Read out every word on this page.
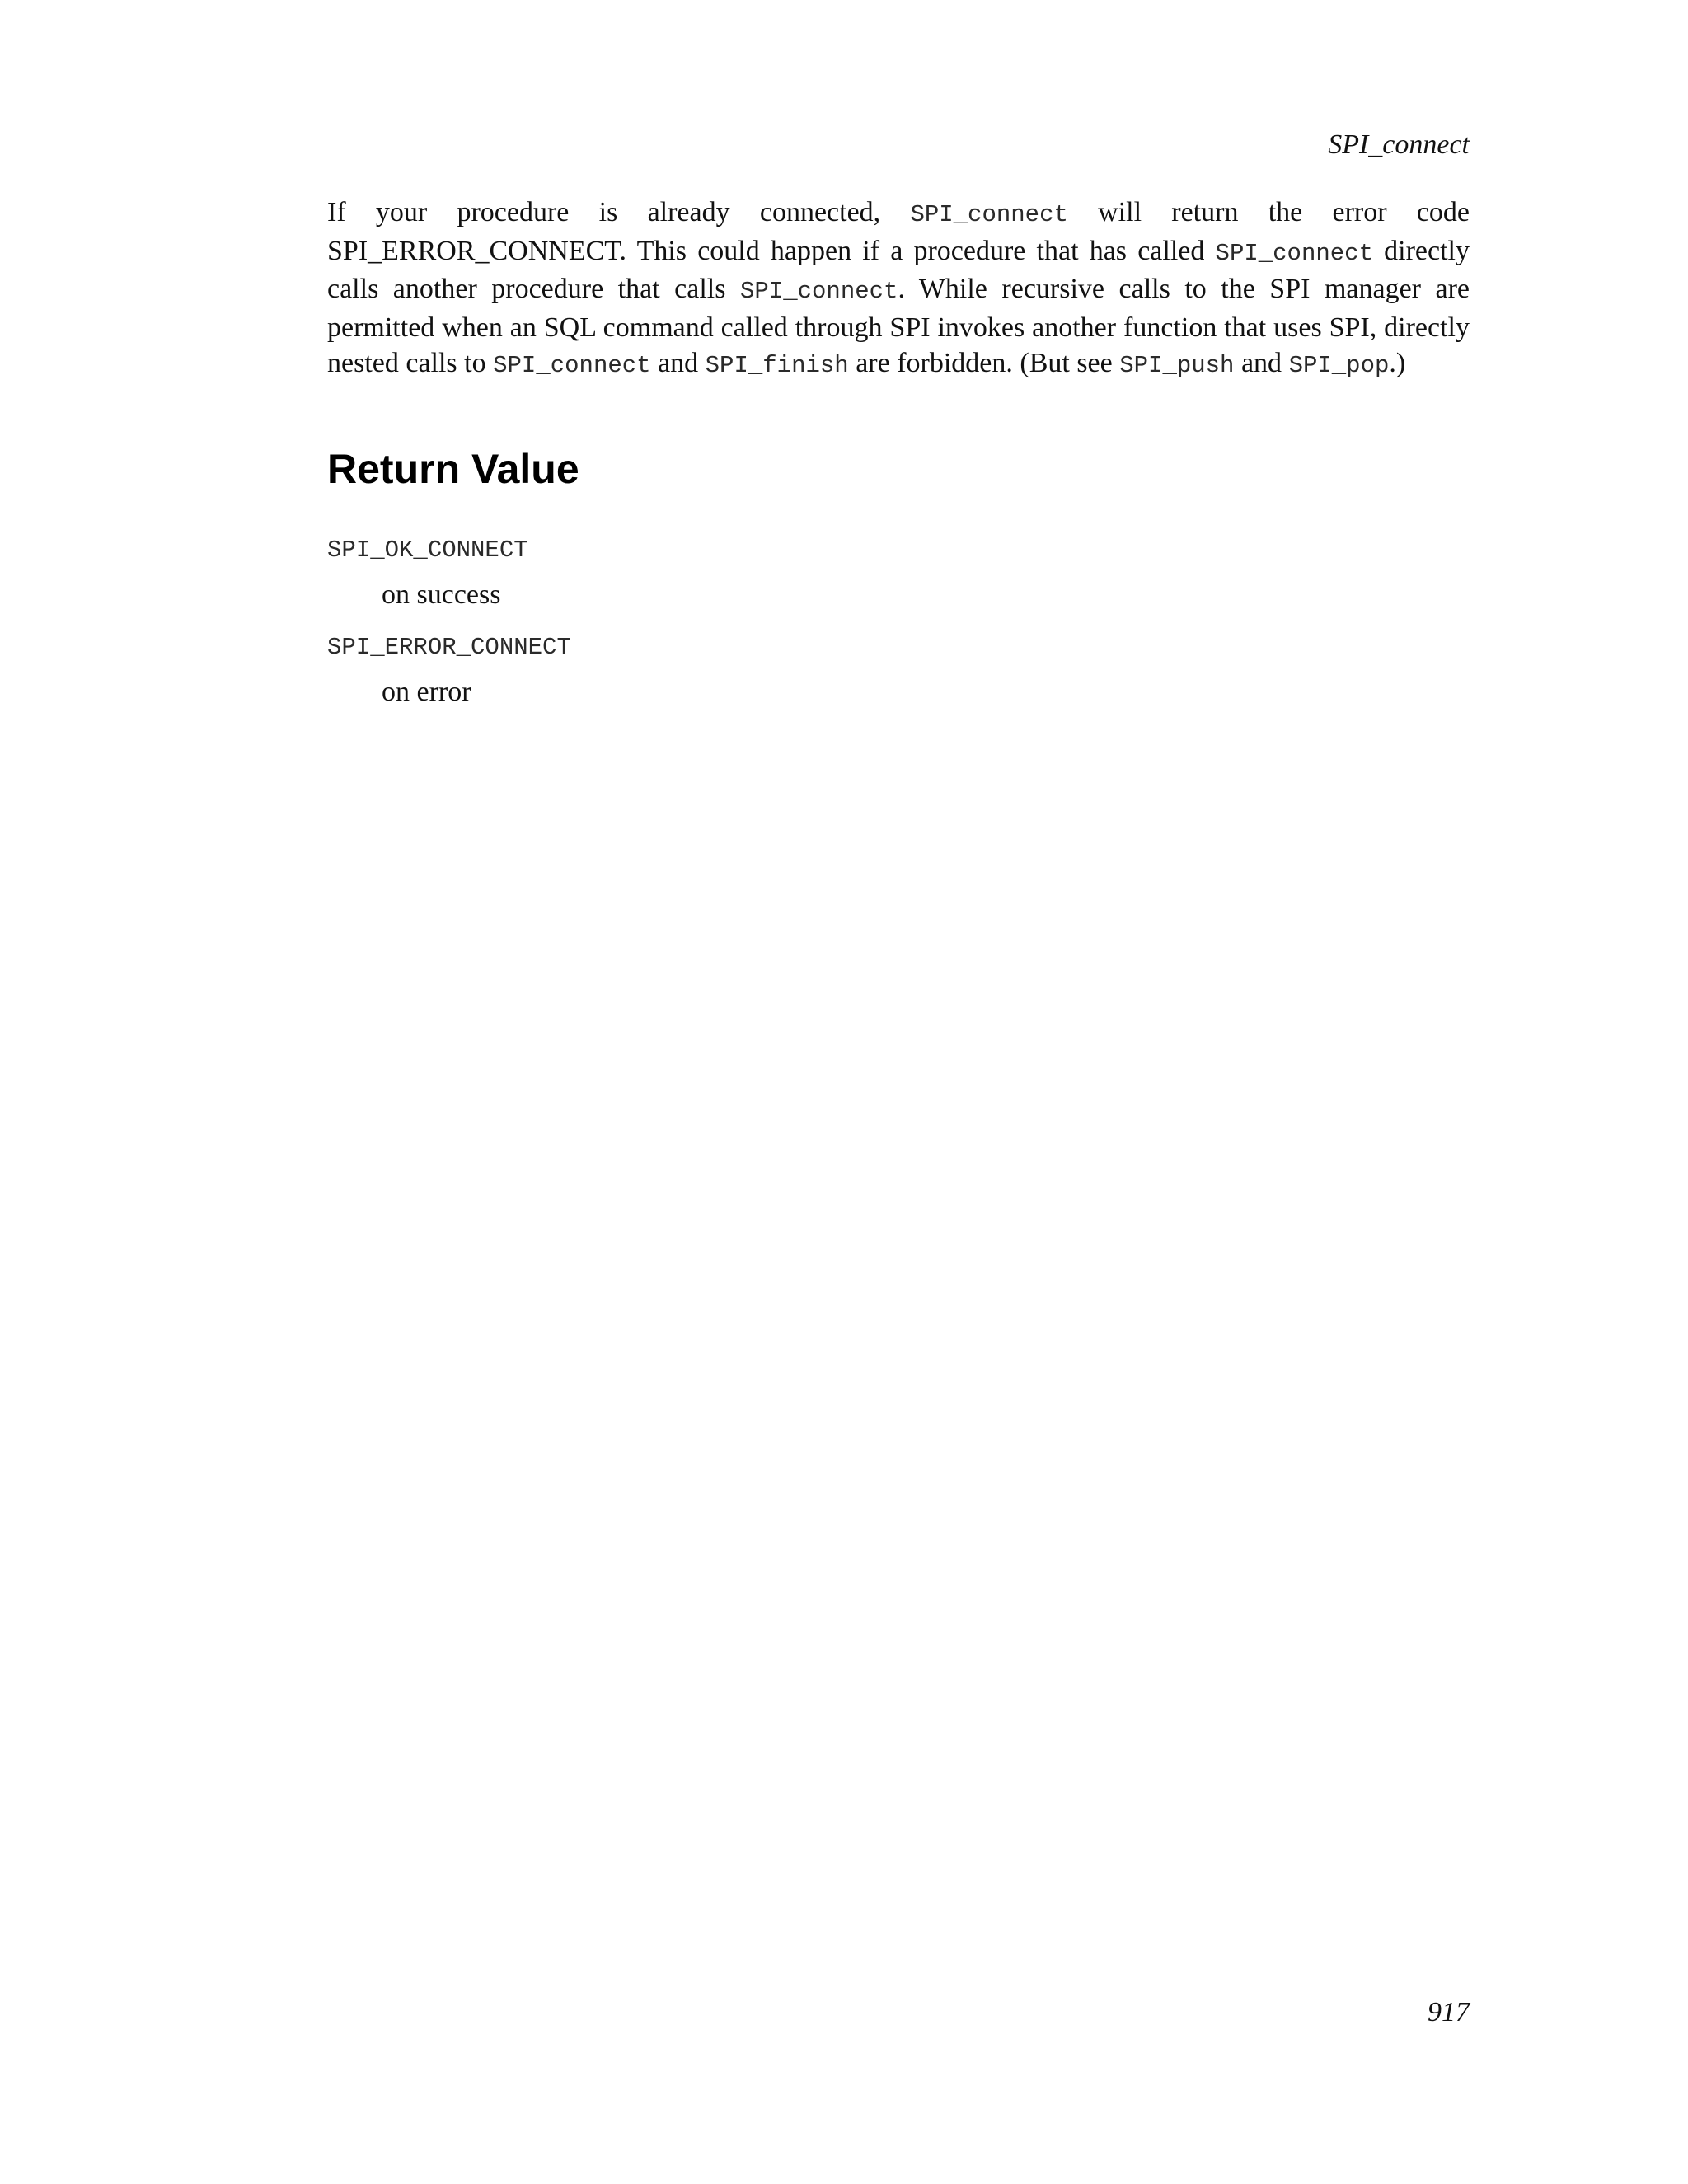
SPI_connect

If your procedure is already connected, SPI_connect will return the error code SPI_ERROR_CONNECT. This could happen if a procedure that has called SPI_connect directly calls another procedure that calls SPI_connect. While recursive calls to the SPI manager are permitted when an SQL command called through SPI invokes another function that uses SPI, directly nested calls to SPI_connect and SPI_finish are forbidden. (But see SPI_push and SPI_pop.)

Return Value
SPI_OK_CONNECT
on success
SPI_ERROR_CONNECT
on error
917
